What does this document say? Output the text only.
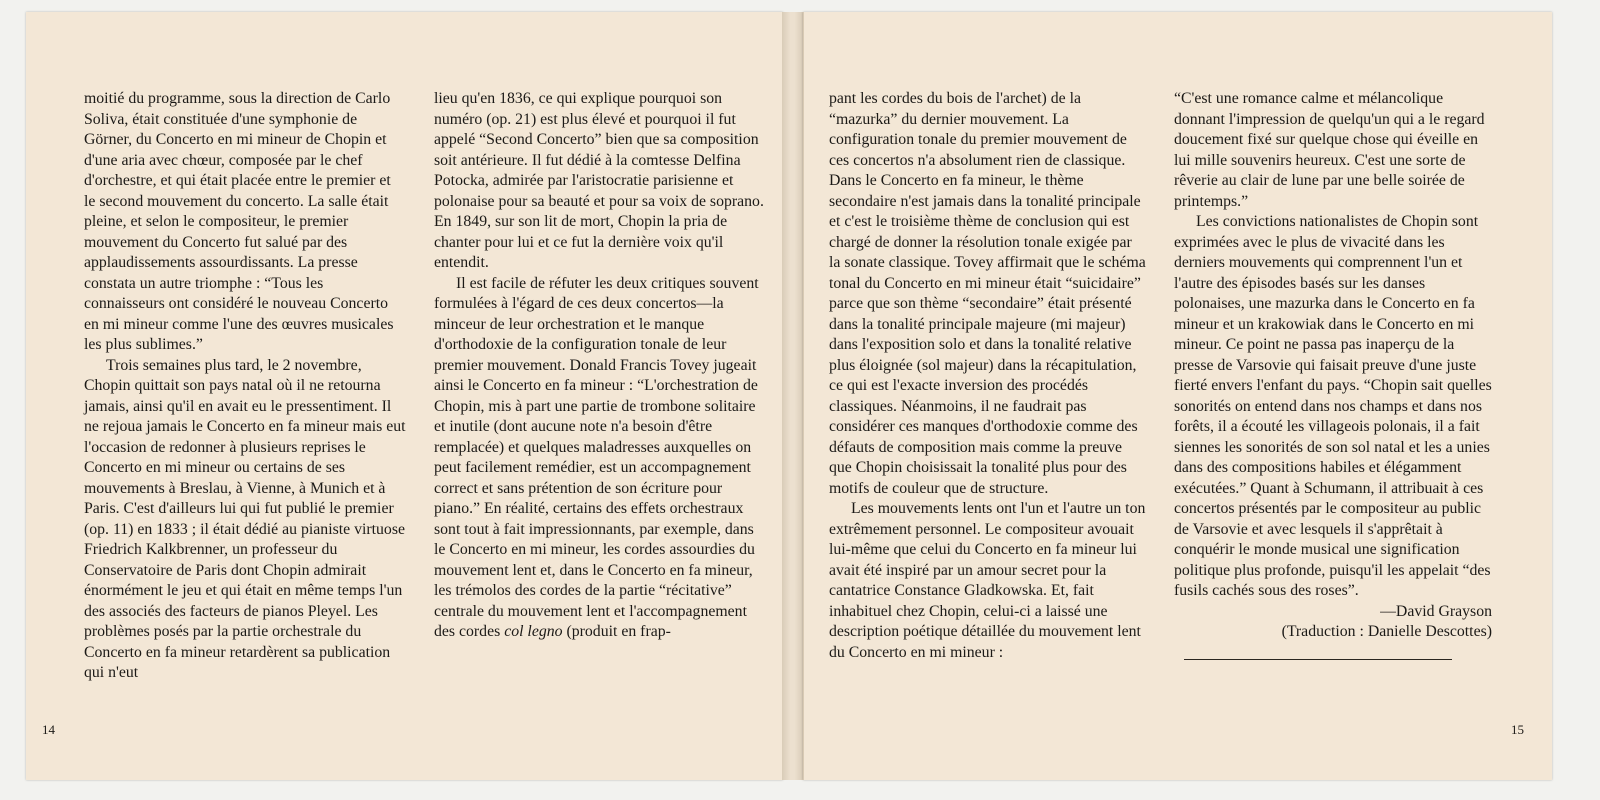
moitié du programme, sous la direction de Carlo Soliva, était constituée d'une symphonie de Görner, du Concerto en mi mineur de Chopin et d'une aria avec chœur, composée par le chef d'orchestre, et qui était placée entre le premier et le second mouvement du concerto. La salle était pleine, et selon le compositeur, le premier mouvement du Concerto fut salué par des applaudissements assourdissants. La presse constata un autre triomphe : “Tous les connaisseurs ont considéré le nouveau Concerto en mi mineur comme l'une des œuvres musicales les plus sublimes.”

Trois semaines plus tard, le 2 novembre, Chopin quittait son pays natal où il ne retourna jamais, ainsi qu'il en avait eu le pressentiment. Il ne rejoua jamais le Concerto en fa mineur mais eut l'occasion de redonner à plusieurs reprises le Concerto en mi mineur ou certains de ses mouvements à Breslau, à Vienne, à Munich et à Paris. C'est d'ailleurs lui qui fut publié le premier (op. 11) en 1833 ; il était dédié au pianiste virtuose Friedrich Kalkbrenner, un professeur du Conservatoire de Paris dont Chopin admirait énormément le jeu et qui était en même temps l'un des associés des facteurs de pianos Pleyel. Les problèmes posés par la partie orchestrale du Concerto en fa mineur retardèrent sa publication qui n'eut

lieu qu'en 1836, ce qui explique pourquoi son numéro (op. 21) est plus élevé et pourquoi il fut appelé “Second Concerto” bien que sa composition soit antérieure. Il fut dédié à la comtesse Delfina Potocka, admirée par l'aristocratie parisienne et polonaise pour sa beauté et pour sa voix de soprano. En 1849, sur son lit de mort, Chopin la pria de chanter pour lui et ce fut la dernière voix qu'il entendit.

Il est facile de réfuter les deux critiques souvent formulées à l'égard de ces deux concertos—la minceur de leur orchestration et le manque d'orthodoxie de la configuration tonale de leur premier mouvement. Donald Francis Tovey jugeait ainsi le Concerto en fa mineur : “L'orchestration de Chopin, mis à part une partie de trombone solitaire et inutile (dont aucune note n'a besoin d'être remplacée) et quelques maladresses auxquelles on peut facilement remédier, est un accompagnement correct et sans prétention de son écriture pour piano.” En réalité, certains des effets orchestraux sont tout à fait impressionnants, par exemple, dans le Concerto en mi mineur, les cordes assourdies du mouvement lent et, dans le Concerto en fa mineur, les trémolos des cordes de la partie “récitative” centrale du mouvement lent et l'accompagnement des cordes col legno (produit en frap-

14

pant les cordes du bois de l'archet) de la “mazurka” du dernier mouvement. La configuration tonale du premier mouvement de ces concertos n'a absolument rien de classique. Dans le Concerto en fa mineur, le thème secondaire n'est jamais dans la tonalité principale et c'est le troisième thème de conclusion qui est chargé de donner la résolution tonale exigée par la sonate classique. Tovey affirmait que le schéma tonal du Concerto en mi mineur était “suicidaire” parce que son thème “secondaire” était présenté dans la tonalité principale majeure (mi majeur) dans l'exposition solo et dans la tonalité relative plus éloignée (sol majeur) dans la récapitulation, ce qui est l'exacte inversion des procédés classiques. Néanmoins, il ne faudrait pas considérer ces manques d'orthodoxie comme des défauts de composition mais comme la preuve que Chopin choisissait la tonalité plus pour des motifs de couleur que de structure.

Les mouvements lents ont l'un et l'autre un ton extrêmement personnel. Le compositeur avouait lui-même que celui du Concerto en fa mineur lui avait été inspiré par un amour secret pour la cantatrice Constance Gladkowska. Et, fait inhabituel chez Chopin, celui-ci a laissé une description poétique détaillée du mouvement lent du Concerto en mi mineur :

“C'est une romance calme et mélancolique donnant l'impression de quelqu'un qui a le regard doucement fixé sur quelque chose qui éveille en lui mille souvenirs heureux. C'est une sorte de rêverie au clair de lune par une belle soirée de printemps.”

Les convictions nationalistes de Chopin sont exprimées avec le plus de vivacité dans les derniers mouvements qui comprennent l'un et l'autre des épisodes basés sur les danses polonaises, une mazurka dans le Concerto en fa mineur et un krakowiak dans le Concerto en mi mineur. Ce point ne passa pas inaperçu de la presse de Varsovie qui faisait preuve d'une juste fierté envers l'enfant du pays. “Chopin sait quelles sonorités on entend dans nos champs et dans nos forêts, il a écouté les villageois polonais, il a fait siennes les sonorités de son sol natal et les a unies dans des compositions habiles et élégamment exécutées.” Quant à Schumann, il attribuait à ces concertos présentés par le compositeur au public de Varsovie et avec lesquels il s'apprêtait à conquérir le monde musical une signification politique plus profonde, puisqu'il les appelait “des fusils cachés sous des roses”.

—David Grayson

(Traduction : Danielle Descottes)

15
